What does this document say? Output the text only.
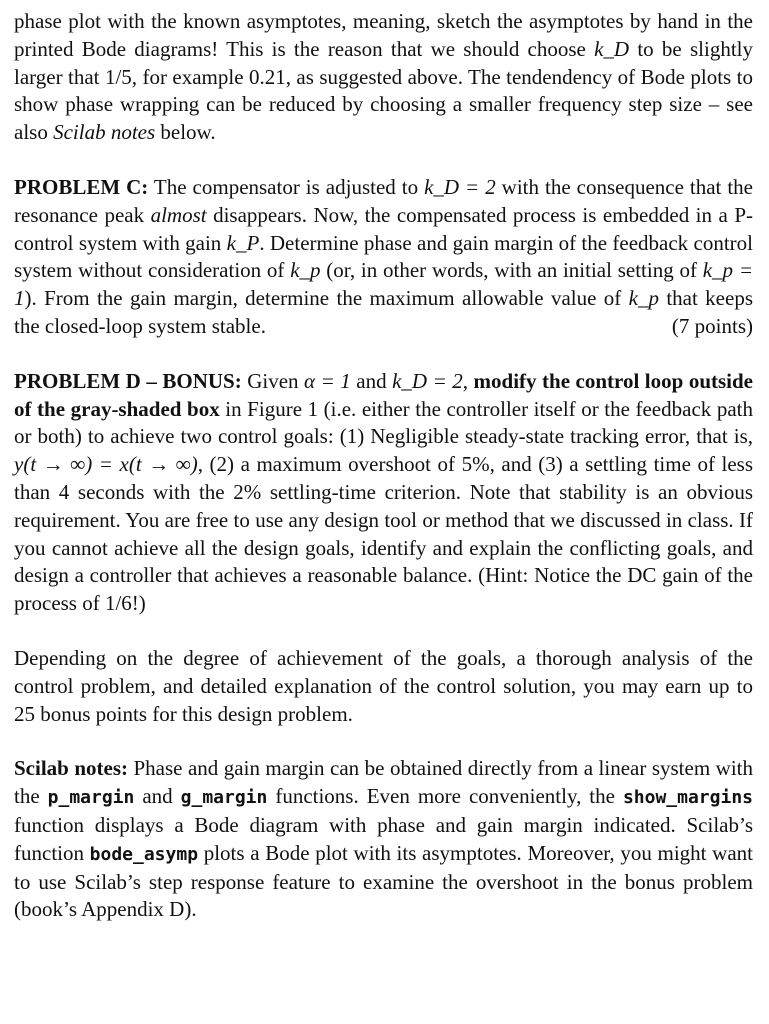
phase plot with the known asymptotes, meaning, sketch the asymptotes by hand in the printed Bode diagrams! This is the reason that we should choose k_D to be slightly larger that 1/5, for example 0.21, as suggested above. The tendendency of Bode plots to show phase wrapping can be reduced by choosing a smaller frequency step size – see also Scilab notes below.

PROBLEM C: The compensator is adjusted to k_D = 2 with the consequence that the resonance peak almost disappears. Now, the compensated process is embedded in a P-control system with gain k_P. Determine phase and gain margin of the feedback control system without consideration of k_p (or, in other words, with an initial setting of k_p = 1). From the gain margin, determine the maximum allowable value of k_p that keeps the closed-loop system stable.	(7 points)

PROBLEM D – BONUS: Given α = 1 and k_D = 2, modify the control loop outside of the gray-shaded box in Figure 1 (i.e. either the controller itself or the feedback path or both) to achieve two control goals: (1) Negligible steady-state tracking error, that is, y(t → ∞) = x(t → ∞), (2) a maximum overshoot of 5%, and (3) a settling time of less than 4 seconds with the 2% settling-time criterion. Note that stability is an obvious requirement. You are free to use any design tool or method that we discussed in class. If you cannot achieve all the design goals, identify and explain the conflicting goals, and design a controller that achieves a reasonable balance. (Hint: Notice the DC gain of the process of 1/6!)

Depending on the degree of achievement of the goals, a thorough analysis of the control problem, and detailed explanation of the control solution, you may earn up to 25 bonus points for this design problem.

Scilab notes: Phase and gain margin can be obtained directly from a linear system with the p_margin and g_margin functions. Even more conveniently, the show_margins function displays a Bode diagram with phase and gain margin indicated. Scilab’s function bode_asymp plots a Bode plot with its asymptotes. Moreover, you might want to use Scilab’s step response feature to examine the overshoot in the bonus problem (book’s Appendix D).
